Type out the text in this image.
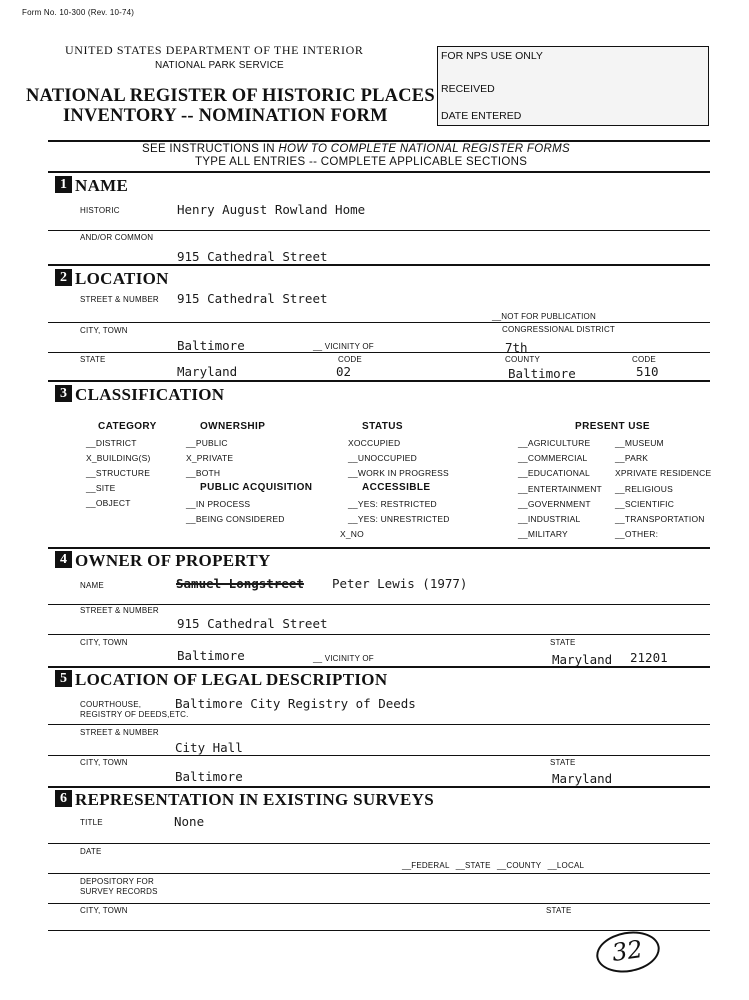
Form No. 10-300 (Rev. 10-74)
UNITED STATES DEPARTMENT OF THE INTERIOR
NATIONAL PARK SERVICE
NATIONAL REGISTER OF HISTORIC PLACES
INVENTORY -- NOMINATION FORM
FOR NPS USE ONLY
RECEIVED
DATE ENTERED
SEE INSTRUCTIONS IN HOW TO COMPLETE NATIONAL REGISTER FORMS
TYPE ALL ENTRIES -- COMPLETE APPLICABLE SECTIONS
1 NAME
HISTORIC	Henry August Rowland Home
AND/OR COMMON
915 Cathedral Street
2 LOCATION
STREET & NUMBER 915 Cathedral Street
__NOT FOR PUBLICATION
CITY, TOWN	CONGRESSIONAL DISTRICT
Baltimore	__ VICINITY OF	7th
STATE	CODE	COUNTY	CODE
Maryland	02	Baltimore	510
3 CLASSIFICATION
CATEGORY
__DISTRICT
X_BUILDING(S)
__STRUCTURE
__SITE
__OBJECT
OWNERSHIP
__PUBLIC
X_PRIVATE
__BOTH
PUBLIC ACQUISITION
__IN PROCESS
__BEING CONSIDERED
STATUS
XOCCUPIED
__UNOCCUPIED
__WORK IN PROGRESS
ACCESSIBLE
__YES: RESTRICTED
__YES: UNRESTRICTED
X_NO
PRESENT USE
__AGRICULTURE
__COMMERCIAL
__EDUCATIONAL
__ENTERTAINMENT
__GOVERNMENT
__INDUSTRIAL
__MILITARY
__MUSEUM
__PARK
XPRIVATE RESIDENCE
__RELIGIOUS
__SCIENTIFIC
__TRANSPORTATION
__OTHER:
4 OWNER OF PROPERTY
NAME	Samuel Longstreet Peter Lewis (1977)
STREET & NUMBER
915 Cathedral Street
CITY, TOWN	STATE
Baltimore	__ VICINITY OF	Maryland 21201
5 LOCATION OF LEGAL DESCRIPTION
COURTHOUSE,
REGISTRY OF DEEDS,ETC.
Baltimore City Registry of Deeds
STREET & NUMBER
City Hall
CITY, TOWN	STATE
Baltimore	Maryland
6 REPRESENTATION IN EXISTING SURVEYS
TITLE	None
DATE
__FEDERAL __STATE __COUNTY __LOCAL
DEPOSITORY FOR
SURVEY RECORDS
CITY, TOWN	STATE
32
